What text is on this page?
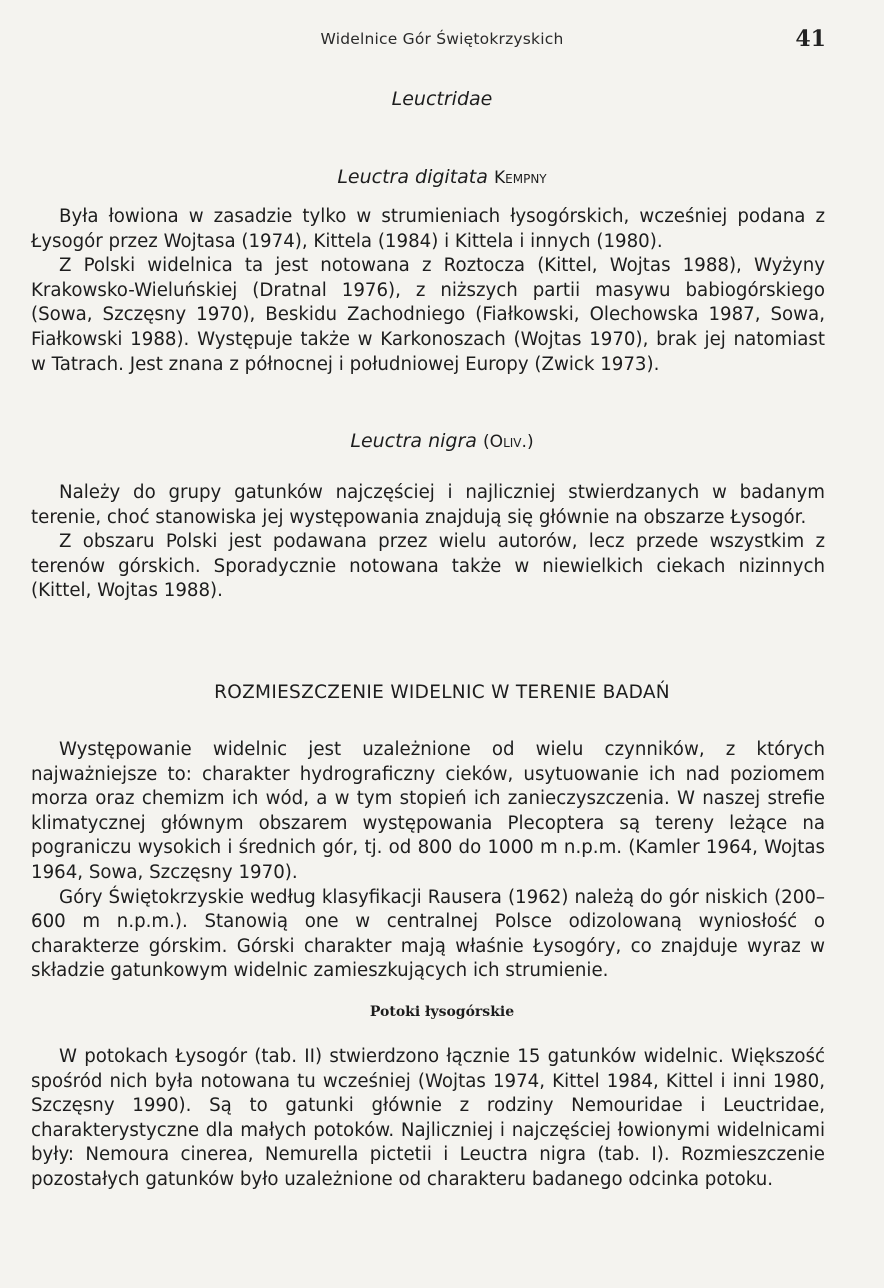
Widelnice Gór Świętokrzyskich	41
Leuctridae
Leuctra digitata Kempny

Była łowiona w zasadzie tylko w strumieniach łysogórskich, wcześniej podana z Łysogór przez Wojtasa (1974), Kittela (1984) i Kittela i innych (1980).

Z Polski widelnica ta jest notowana z Roztocza (Kittel, Wojtas 1988), Wyżyny Krakowsko-Wieluńskiej (Dratnal 1976), z niższych partii masywu babiogórskiego (Sowa, Szczęsny 1970), Beskidu Zachodniego (Fiałkowski, Olechowska 1987, Sowa, Fiałkowski 1988). Występuje także w Karkonoszach (Wojtas 1970), brak jej natomiast w Tatrach. Jest znana z północnej i południowej Europy (Zwick 1973).

Leuctra nigra (Oliv.)

Należy do grupy gatunków najczęściej i najliczniej stwierdzanych w badanym terenie, choć stanowiska jej występowania znajdują się głównie na obszarze Łysogór.

Z obszaru Polski jest podawana przez wielu autorów, lecz przede wszystkim z terenów górskich. Sporadycznie notowana także w niewielkich ciekach nizinnych (Kittel, Wojtas 1988).

ROZMIESZCZENIE WIDELNIC W TERENIE BADAŃ

Występowanie widelnic jest uzależnione od wielu czynników, z których najważniejsze to: charakter hydrograficzny cieków, usytuowanie ich nad poziomem morza oraz chemizm ich wód, a w tym stopień ich zanieczyszczenia. W naszej strefie klimatycznej głównym obszarem występowania Plecoptera są tereny leżące na pograniczu wysokich i średnich gór, tj. od 800 do 1000 m n.p.m. (Kamler 1964, Wojtas 1964, Sowa, Szczęsny 1970).

Góry Świętokrzyskie według klasyfikacji Rausera (1962) należą do gór niskich (200–600 m n.p.m.). Stanowią one w centralnej Polsce odizolowaną wyniosłość o charakterze górskim. Górski charakter mają właśnie Łysogóry, co znajduje wyraz w składzie gatunkowym widelnic zamieszkujących ich strumienie.

Potoki łysogórskie

W potokach Łysogór (tab. II) stwierdzono łącznie 15 gatunków widelnic. Większość spośród nich była notowana tu wcześniej (Wojtas 1974, Kittel 1984, Kittel i inni 1980, Szczęsny 1990). Są to gatunki głównie z rodziny Nemouridae i Leuctridae, charakterystyczne dla małych potoków. Najliczniej i najczęściej łowionymi widelnicami były: Nemoura cinerea, Nemurella pictetii i Leuctra nigra (tab. I). Rozmieszczenie pozostałych gatunków było uzależnione od charakteru badanego odcinka potoku.
